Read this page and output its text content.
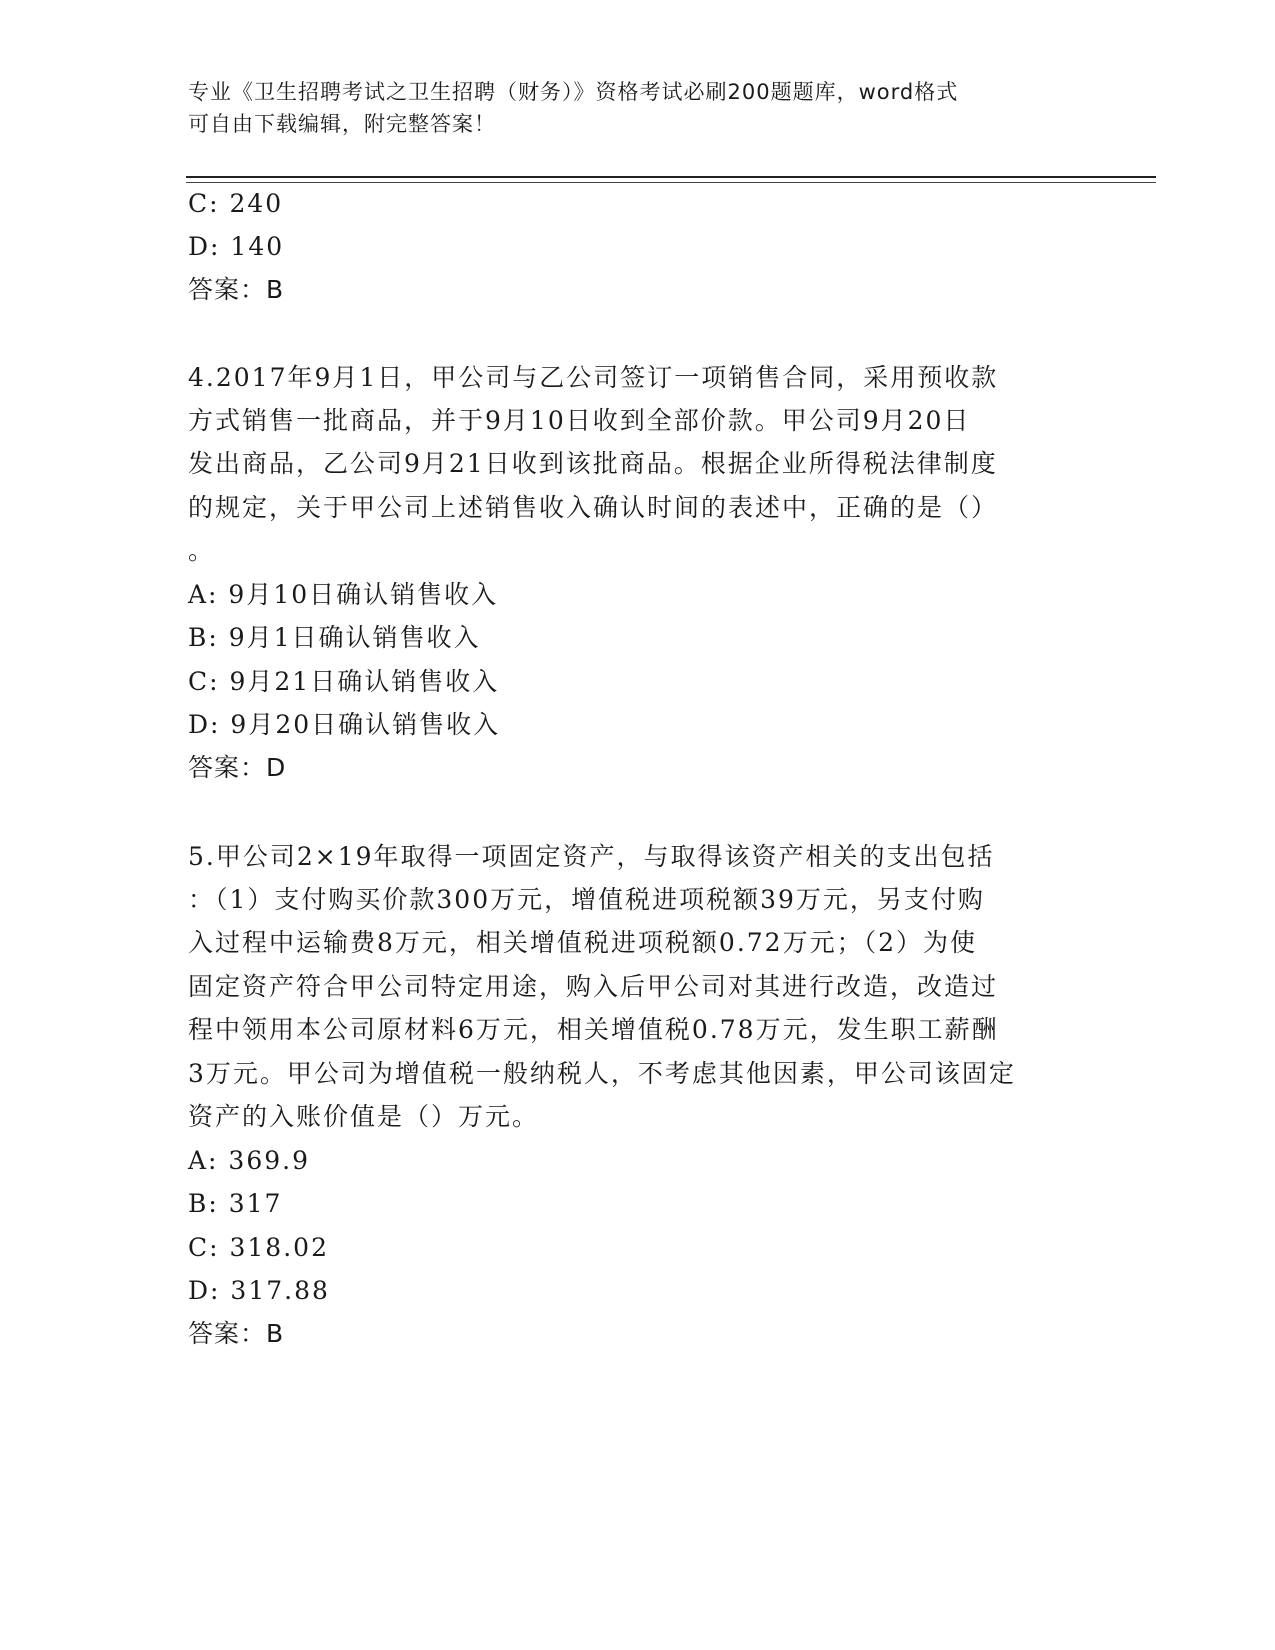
专业《卫生招聘考试之卫生招聘（财务）》资格考试必刷200题题库，word格式
可自由下载编辑，附完整答案！
C: 240
D: 140
答案：B
4.2017年9月1日，甲公司与乙公司签订一项销售合同，采用预收款
方式销售一批商品，并于9月10日收到全部价款。甲公司9月20日
发出商品，乙公司9月21日收到该批商品。根据企业所得税法律制度
的规定，关于甲公司上述销售收入确认时间的表述中，正确的是（）
。
A: 9月10日确认销售收入
B: 9月1日确认销售收入
C: 9月21日确认销售收入
D: 9月20日确认销售收入
答案：D
5.甲公司2×19年取得一项固定资产，与取得该资产相关的支出包括
：（1）支付购买价款300万元，增值税进项税额39万元，另支付购
入过程中运输费8万元，相关增值税进项税额0.72万元；（2）为使
固定资产符合甲公司特定用途，购入后甲公司对其进行改造，改造过
程中领用本公司原材料6万元，相关增值税0.78万元，发生职工薪酬
3万元。甲公司为增值税一般纳税人，不考虑其他因素，甲公司该固定
资产的入账价值是（）万元。
A: 369.9
B: 317
C: 318.02
D: 317.88
答案：B
